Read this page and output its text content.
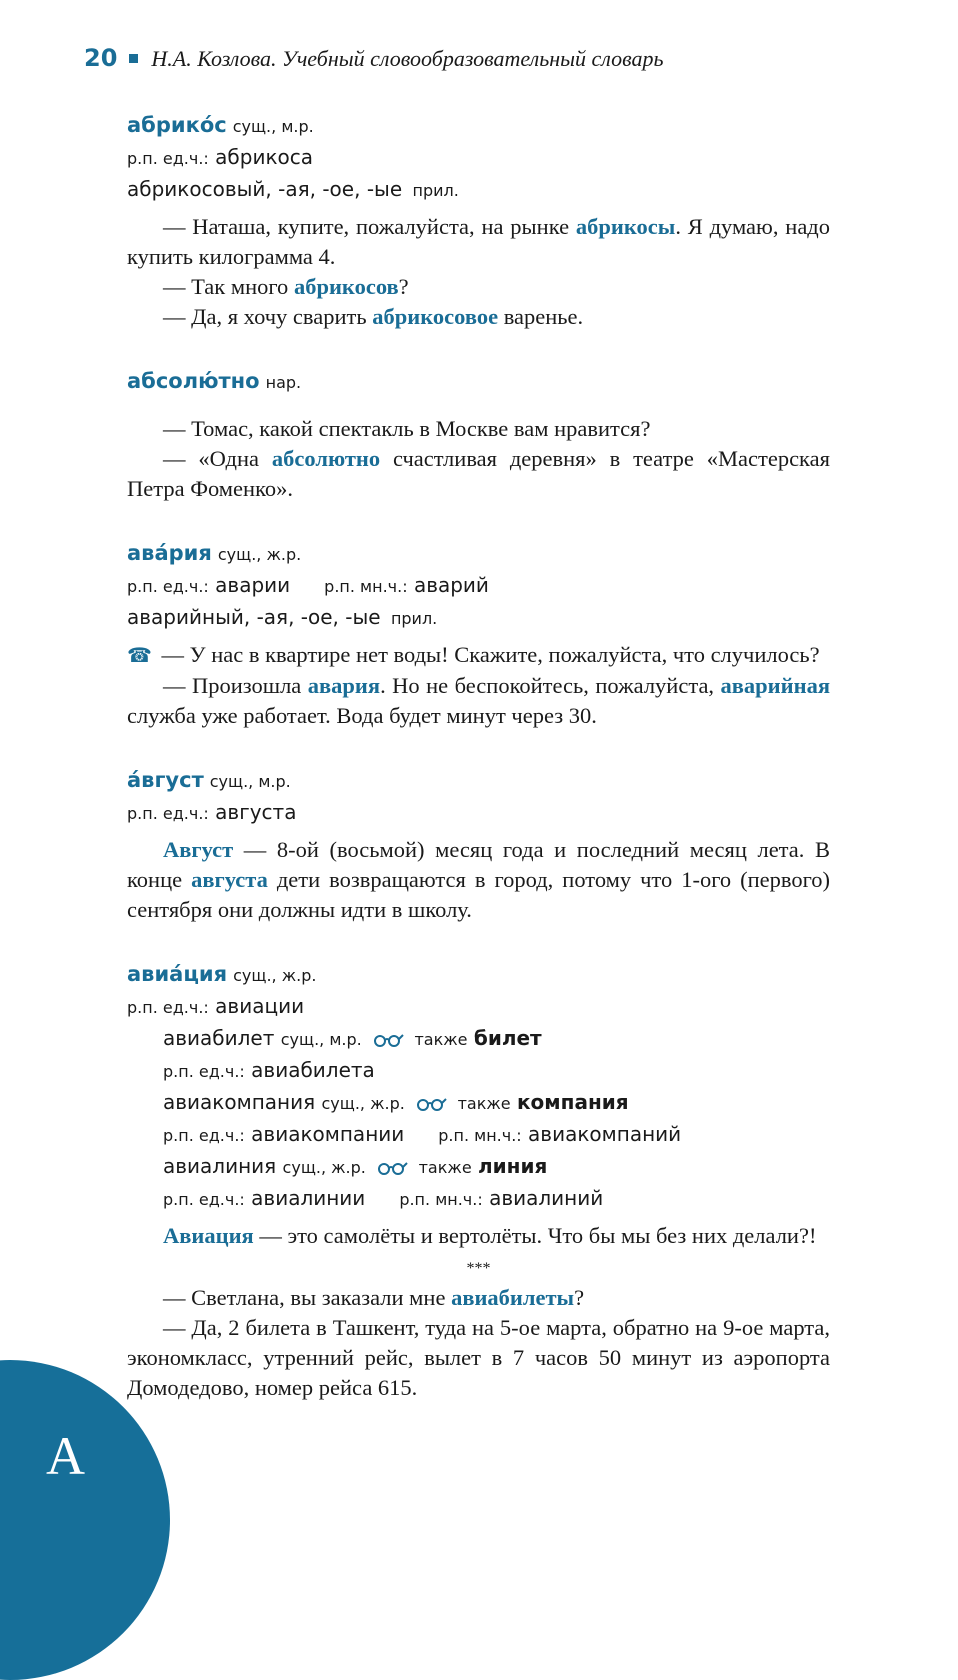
20 Н.А. Козлова. Учебный словообразовательный словарь
абрико́с сущ., м.р.
р.п. ед.ч.: абрикоса
абрикосовый, -ая, -ое, -ые прил.

— Наташа, купите, пожалуйста, на рынке абрикосы. Я думаю, надо купить килограмма 4.

— Так много абрикосов?

— Да, я хочу сварить абрикосовое варенье.

абсолю́тно нар.

— Томас, какой спектакль в Москве вам нравится?

— «Одна абсолютно счастливая деревня» в театре «Мастерская Петра Фоменко».

ава́рия сущ., ж.р.
р.п. ед.ч.: аварии р.п. мн.ч.: аварий
аварийный, -ая, -ое, -ые прил.

☎ — У нас в квартире нет воды! Скажите, пожалуйста, что случилось?

— Произошла авария. Но не беспокойтесь, пожалуйста, аварийная служба уже работает. Вода будет минут через 30.

а́вгуст сущ., м.р.
р.п. ед.ч.: августа

Август — 8-ой (восьмой) месяц года и последний месяц лета. В конце августа дети возвращаются в город, потому что 1-ого (первого) сентября они должны идти в школу.

авиа́ция сущ., ж.р.
р.п. ед.ч.: авиации
авиабилет сущ., м.р.	также билет
р.п. ед.ч.: авиабилета
авиакомпания сущ., ж.р.	также компания
р.п. ед.ч.: авиакомпании р.п. мн.ч.: авиакомпаний
авиалиния сущ., ж.р.	также линия
р.п. ед.ч.: авиалинии р.п. мн.ч.: авиалиний

Авиация — это самолёты и вертолёты. Что бы мы без них делали?!

***

— Светлана, вы заказали мне авиабилеты?

— Да, 2 билета в Ташкент, туда на 5-ое марта, обратно на 9-ое марта, экономкласс, утренний рейс, вылет в 7 часов 50 минут из аэропорта Домодедово, номер рейса 615.

А
